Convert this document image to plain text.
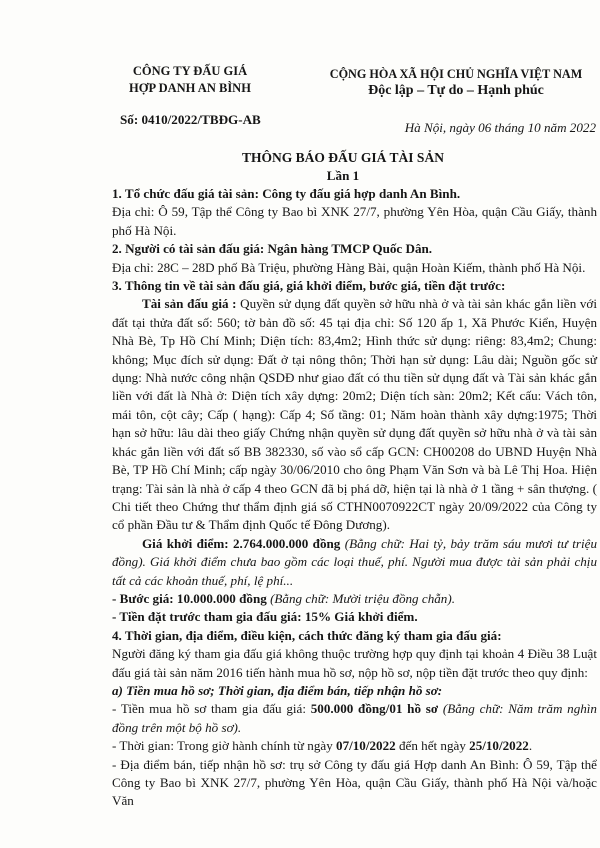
CÔNG TY ĐẤU GIÁ
HỢP DANH AN BÌNH
CỘNG HÒA XÃ HỘI CHỦ NGHĨA VIỆT NAM
Độc lập – Tự do – Hạnh phúc
Số: 0410/2022/TBĐG-AB
Hà Nội, ngày 06 tháng 10 năm 2022
THÔNG BÁO ĐẤU GIÁ TÀI SẢN
Lần 1

1. Tổ chức đấu giá tài sản: Công ty đấu giá hợp danh An Bình.

Địa chỉ: Ô 59, Tập thể Công ty Bao bì XNK 27/7, phường Yên Hòa, quận Cầu Giấy, thành phố Hà Nội.

2. Người có tài sản đấu giá: Ngân hàng TMCP Quốc Dân.

Địa chỉ: 28C – 28D phố Bà Triệu, phường Hàng Bài, quận Hoàn Kiếm, thành phố Hà Nội.

3. Thông tin về tài sản đấu giá, giá khởi điểm, bước giá, tiền đặt trước:

Tài sản đấu giá : Quyền sử dụng đất quyền sở hữu nhà ở và tài sản khác gắn liền với đất tại thửa đất số: 560; tờ bản đồ số: 45 tại địa chỉ: Số 120 ấp 1, Xã Phước Kiển, Huyện Nhà Bè, Tp Hồ Chí Minh; Diện tích: 83,4m2; Hình thức sử dụng: riêng: 83,4m2; Chung: không; Mục đích sử dụng: Đất ở tại nông thôn; Thời hạn sử dụng: Lâu dài; Nguồn gốc sử dụng: Nhà nước công nhận QSDĐ như giao đất có thu tiền sử dụng đất và Tài sản khác gắn liền với đất là Nhà ở: Diện tích xây dựng: 20m2; Diện tích sàn: 20m2; Kết cấu: Vách tôn, mái tôn, cột cây; Cấp ( hạng): Cấp 4; Số tầng: 01; Năm hoàn thành xây dựng:1975; Thời hạn sở hữu: lâu dài theo giấy Chứng nhận quyền sử dụng đất quyền sở hữu nhà ở và tài sản khác gắn liền với đất số BB 382330, số vào sổ cấp GCN: CH00208 do UBND Huyện Nhà Bè, TP Hồ Chí Minh; cấp ngày 30/06/2010 cho ông Phạm Văn Sơn và bà Lê Thị Hoa. Hiện trạng: Tài sản là nhà ở cấp 4 theo GCN đã bị phá dỡ, hiện tại là nhà ở 1 tầng + sân thượng. ( Chi tiết theo Chứng thư thẩm định giá số CTHN0070922CT ngày 20/09/2022 của Công ty cổ phần Đầu tư & Thẩm định Quốc tế Đông Dương).

Giá khởi điểm: 2.764.000.000 đồng (Bằng chữ: Hai tỷ, bảy trăm sáu mươi tư triệu đồng). Giá khởi điểm chưa bao gồm các loại thuế, phí. Người mua được tài sản phải chịu tất cả các khoản thuế, phí, lệ phí...

- Bước giá: 10.000.000 đồng (Bằng chữ: Mười triệu đồng chẵn).

- Tiền đặt trước tham gia đấu giá: 15% Giá khởi điểm.

4. Thời gian, địa điểm, điều kiện, cách thức đăng ký tham gia đấu giá:

Người đăng ký tham gia đấu giá không thuộc trường hợp quy định tại khoản 4 Điều 38 Luật đấu giá tài sản năm 2016 tiến hành mua hồ sơ, nộp hồ sơ, nộp tiền đặt trước theo quy định:

a) Tiền mua hồ sơ; Thời gian, địa điểm bán, tiếp nhận hồ sơ:

- Tiền mua hồ sơ tham gia đấu giá: 500.000 đồng/01 hồ sơ (Bằng chữ: Năm trăm nghìn đồng trên một bộ hồ sơ).

- Thời gian: Trong giờ hành chính từ ngày 07/10/2022 đến hết ngày 25/10/2022.

- Địa điểm bán, tiếp nhận hồ sơ: trụ sở Công ty đấu giá Hợp danh An Bình: Ô 59, Tập thể Công ty Bao bì XNK 27/7, phường Yên Hòa, quận Cầu Giấy, thành phố Hà Nội và/hoặc Văn
